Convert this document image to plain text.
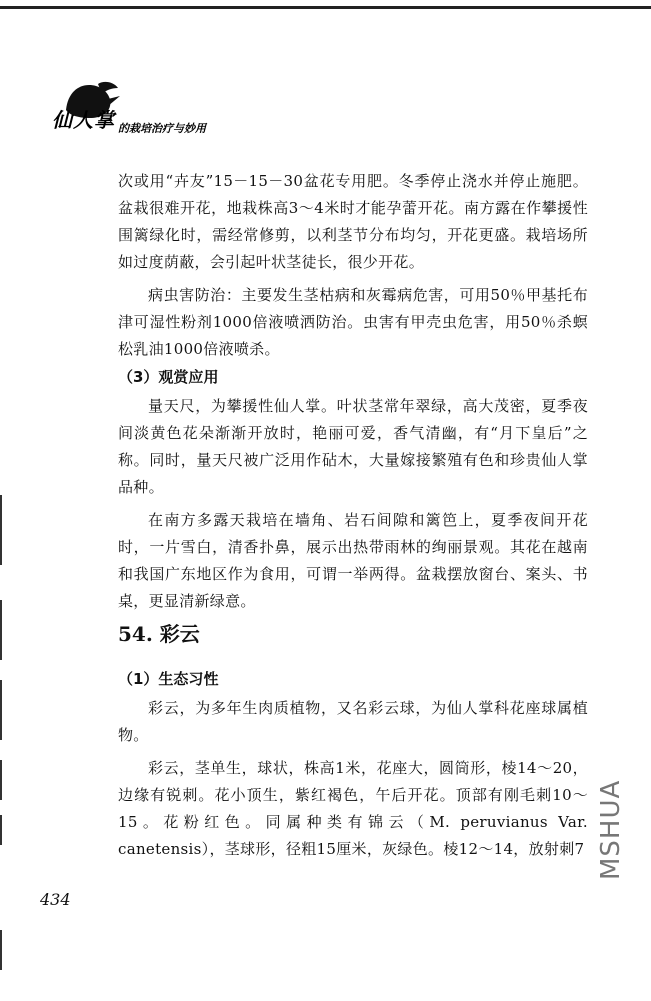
仙人掌 的栽培治疗与妙用

次或用“卉友”15－15－30盆花专用肥。冬季停止浇水并停止施肥。盆栽很难开花，地栽株高3～4米时才能孕蕾开花。南方露在作攀援性围篱绿化时，需经常修剪，以利茎节分布均匀，开花更盛。栽培场所如过度荫蔽，会引起叶状茎徒长，很少开花。

病虫害防治：主要发生茎枯病和灰霉病危害，可用50％甲基托布津可湿性粉剂1000倍液喷洒防治。虫害有甲壳虫危害，用50％杀螟松乳油1000倍液喷杀。

（3）观赏应用

量天尺，为攀援性仙人掌。叶状茎常年翠绿，高大茂密，夏季夜间淡黄色花朵渐渐开放时，艳丽可爱，香气清幽，有“月下皇后”之称。同时，量天尺被广泛用作砧木，大量嫁接繁殖有色和珍贵仙人掌品种。

在南方多露天栽培在墙角、岩石间隙和篱笆上，夏季夜间开花时，一片雪白，清香扑鼻，展示出热带雨林的绚丽景观。其花在越南和我国广东地区作为食用，可谓一举两得。盆栽摆放窗台、案头、书桌，更显清新绿意。

54. 彩云

（1）生态习性

彩云，为多年生肉质植物，又名彩云球，为仙人掌科花座球属植物。

彩云，茎单生，球状，株高1米，花座大，圆筒形，棱14～20，边缘有锐刺。花小顶生，紫红褐色，午后开花。顶部有刚毛刺10～15。花粉红色。同属种类有锦云（M. peruvianus Var. canetensis），茎球形，径粗15厘米，灰绿色。棱12～14，放射刺7

434
MSHUA
